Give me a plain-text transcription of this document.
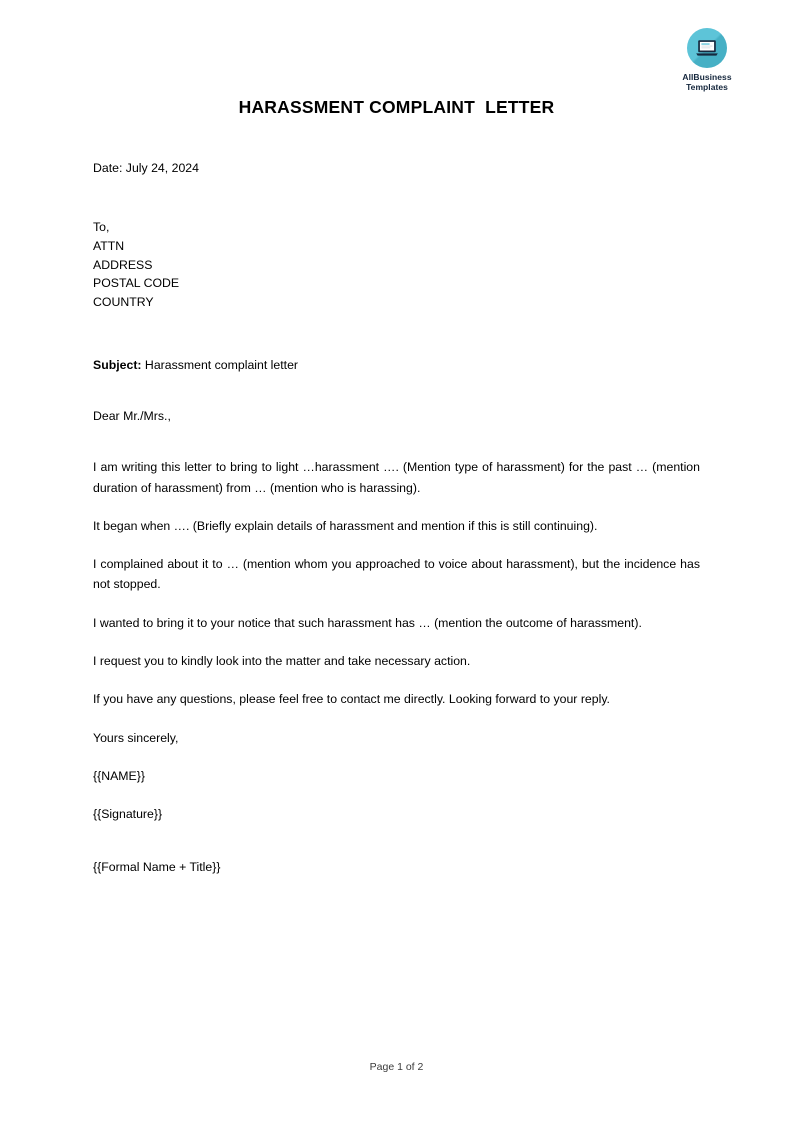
AllBusiness
Templates
HARASSMENT COMPLAINT  LETTER
Date: July 24, 2024
To,
ATTN
ADDRESS
POSTAL CODE
COUNTRY
Subject: Harassment complaint letter
Dear Mr./Mrs.,

I am writing this letter to bring to light …harassment …. (Mention type of harassment) for the past … (mention duration of harassment) from … (mention who is harassing).

It began when …. (Briefly explain details of harassment and mention if this is still continuing).

I complained about it to … (mention whom you approached to voice about harassment), but the incidence has not stopped.

I wanted to bring it to your notice that such harassment has … (mention the outcome of harassment).

I request you to kindly look into the matter and take necessary action.

If you have any questions, please feel free to contact me directly. Looking forward to your reply.

Yours sincerely,

{{NAME}}

{{Signature}}

{{Formal Name + Title}}

Page 1 of 2
